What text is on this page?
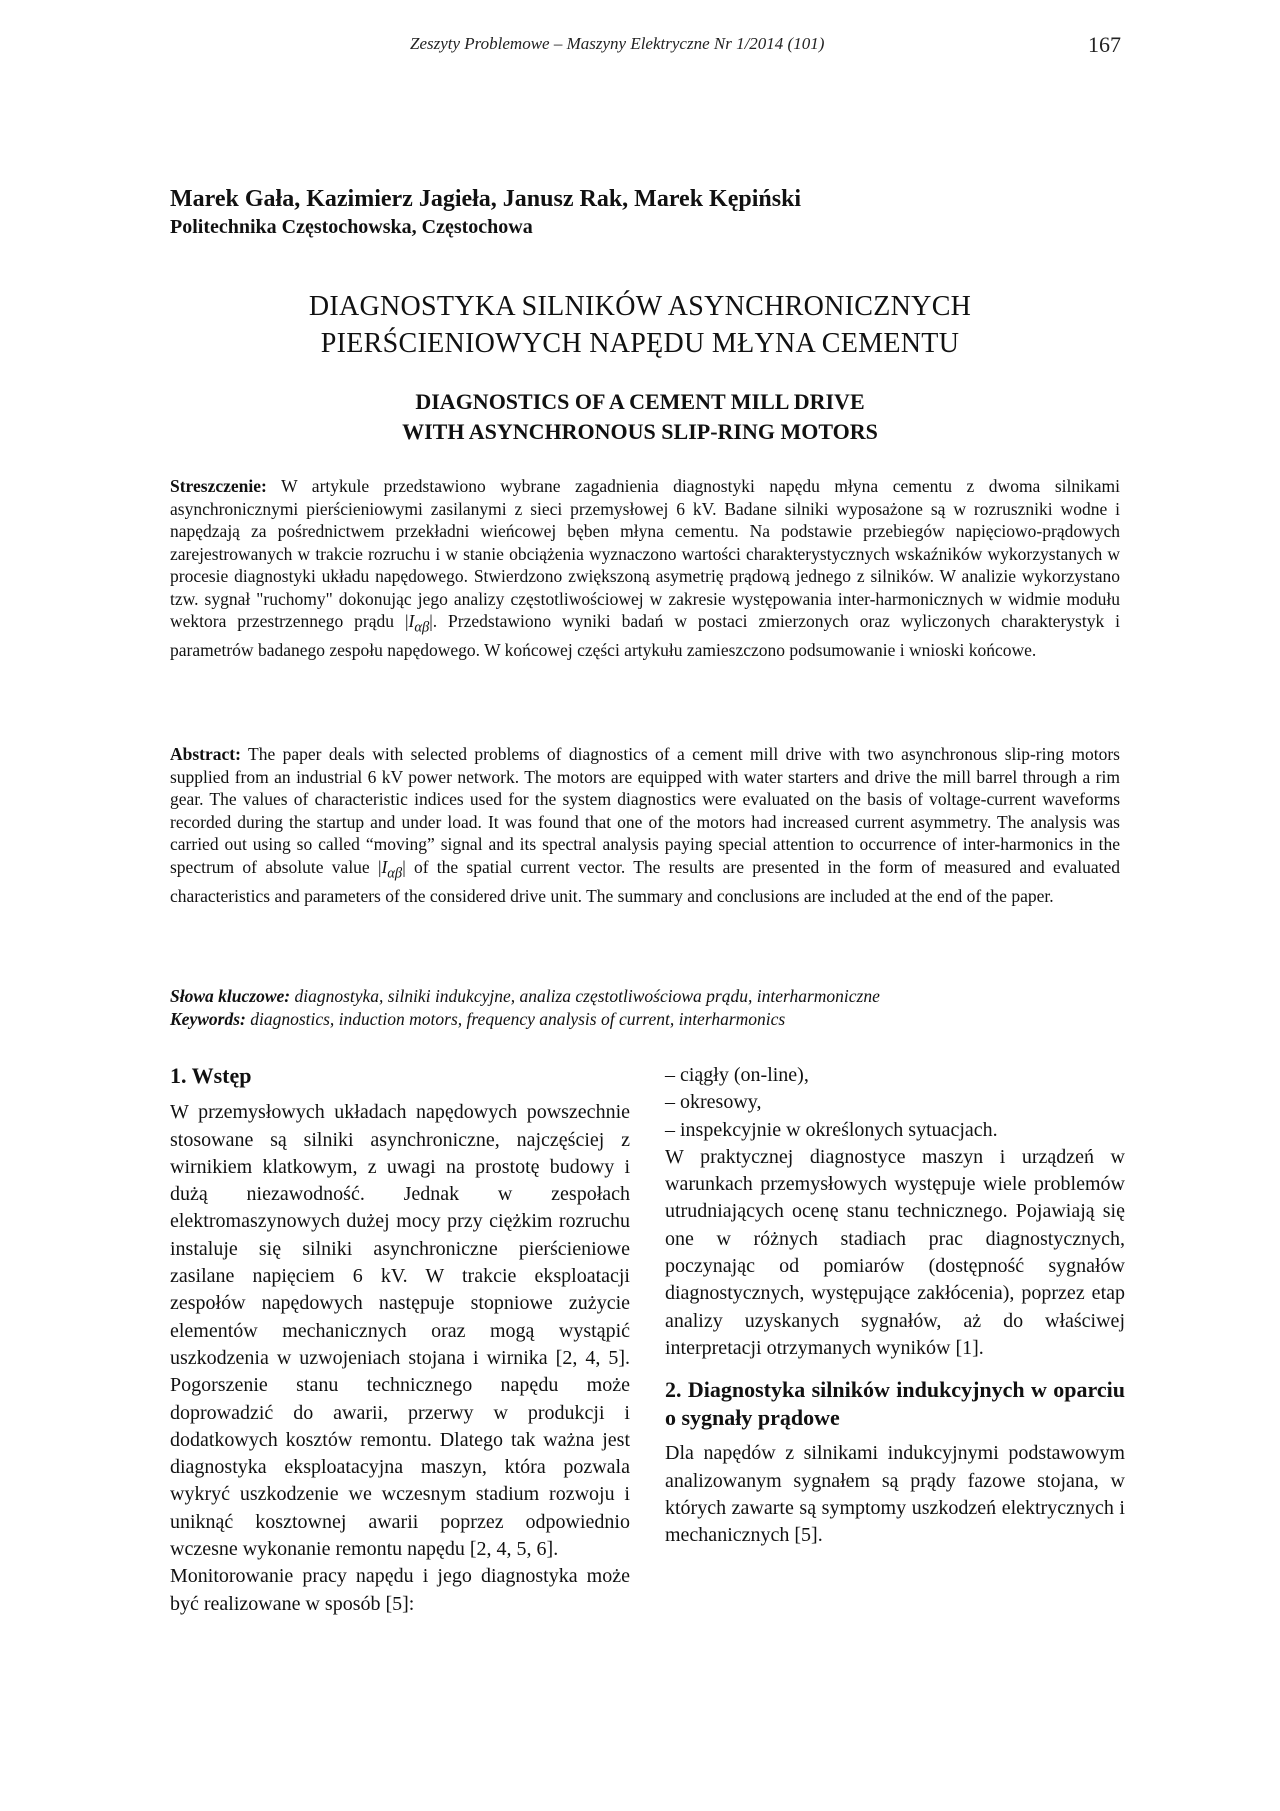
Zeszyty Problemowe – Maszyny Elektryczne Nr 1/2014 (101)	167
Marek Gała, Kazimierz Jagieła, Janusz Rak, Marek Kępiński
Politechnika Częstochowska, Częstochowa
DIAGNOSTYKA SILNIKÓW ASYNCHRONICZNYCH
PIERŚCIENIOWYCH NAPĘDU MŁYNA CEMENTU
DIAGNOSTICS OF A CEMENT MILL DRIVE
WITH ASYNCHRONOUS SLIP-RING MOTORS
Streszczenie: W artykule przedstawiono wybrane zagadnienia diagnostyki napędu młyna cementu z dwoma silnikami asynchronicznymi pierścieniowymi zasilanymi z sieci przemysłowej 6 kV. Badane silniki wyposażone są w rozruszniki wodne i napędzają za pośrednictwem przekładni wieńcowej bęben młyna cementu. Na podstawie przebiegów napięciowo-prądowych zarejestrowanych w trakcie rozruchu i w stanie obciążenia wyznaczono wartości charakterystycznych wskaźników wykorzystanych w procesie diagnostyki układu napędowego. Stwierdzono zwiększoną asymetrię prądową jednego z silników. W analizie wykorzystano tzw. sygnał "ruchomy" dokonując jego analizy częstotliwościowej w zakresie występowania inter-harmonicznych w widmie modułu wektora przestrzennego prądu $|I_{\alpha\beta}|$. Przedstawiono wyniki badań w postaci zmierzonych oraz wyliczonych charakterystyk i parametrów badanego zespołu napędowego. W końcowej części artykułu zamieszczono podsumowanie i wnioski końcowe.
Abstract: The paper deals with selected problems of diagnostics of a cement mill drive with two asynchronous slip-ring motors supplied from an industrial 6 kV power network. The motors are equipped with water starters and drive the mill barrel through a rim gear. The values of characteristic indices used for the system diagnostics were evaluated on the basis of voltage-current waveforms recorded during the startup and under load. It was found that one of the motors had increased current asymmetry. The analysis was carried out using so called “moving” signal and its spectral analysis paying special attention to occurrence of inter-harmonics in the spectrum of absolute value $|I_{\alpha\beta}|$ of the spatial current vector. The results are presented in the form of measured and evaluated characteristics and parameters of the considered drive unit. The summary and conclusions are included at the end of the paper.
Słowa kluczowe: diagnostyka, silniki indukcyjne, analiza częstotliwościowa prądu, interharmoniczne
Keywords: diagnostics, induction motors, frequency analysis of current, interharmonics
1. Wstęp

W przemysłowych układach napędowych powszechnie stosowane są silniki asynchroniczne, najczęściej z wirnikiem klatkowym, z uwagi na prostotę budowy i dużą niezawodność. Jednak w zespołach elektromaszynowych dużej mocy przy ciężkim rozruchu instaluje się silniki asynchroniczne pierścieniowe zasilane napięciem 6 kV. W trakcie eksploatacji zespołów napędowych następuje stopniowe zużycie elementów mechanicznych oraz mogą wystąpić uszkodzenia w uzwojeniach stojana i wirnika [2, 4, 5]. Pogorszenie stanu technicznego napędu może doprowadzić do awarii, przerwy w produkcji i dodatkowych kosztów remontu. Dlatego tak ważna jest diagnostyka eksploatacyjna maszyn, która pozwala wykryć uszkodzenie we wczesnym stadium rozwoju i uniknąć kosztownej awarii poprzez odpowiednio wczesne wykonanie remontu napędu [2, 4, 5, 6].

Monitorowanie pracy napędu i jego diagnostyka może być realizowane w sposób [5]:

– ciągły (on-line),
– okresowy,
– inspekcyjnie w określonych sytuacjach.

W praktycznej diagnostyce maszyn i urządzeń w warunkach przemysłowych występuje wiele problemów utrudniających ocenę stanu technicznego. Pojawiają się one w różnych stadiach prac diagnostycznych, poczynając od pomiarów (dostępność sygnałów diagnostycznych, występujące zakłócenia), poprzez etap analizy uzyskanych sygnałów, aż do właściwej interpretacji otrzymanych wyników [1].

2. Diagnostyka silników indukcyjnych w oparciu o sygnały prądowe

Dla napędów z silnikami indukcyjnymi podstawowym analizowanym sygnałem są prądy fazowe stojana, w których zawarte są symptomy uszkodzeń elektrycznych i mechanicznych [5].
